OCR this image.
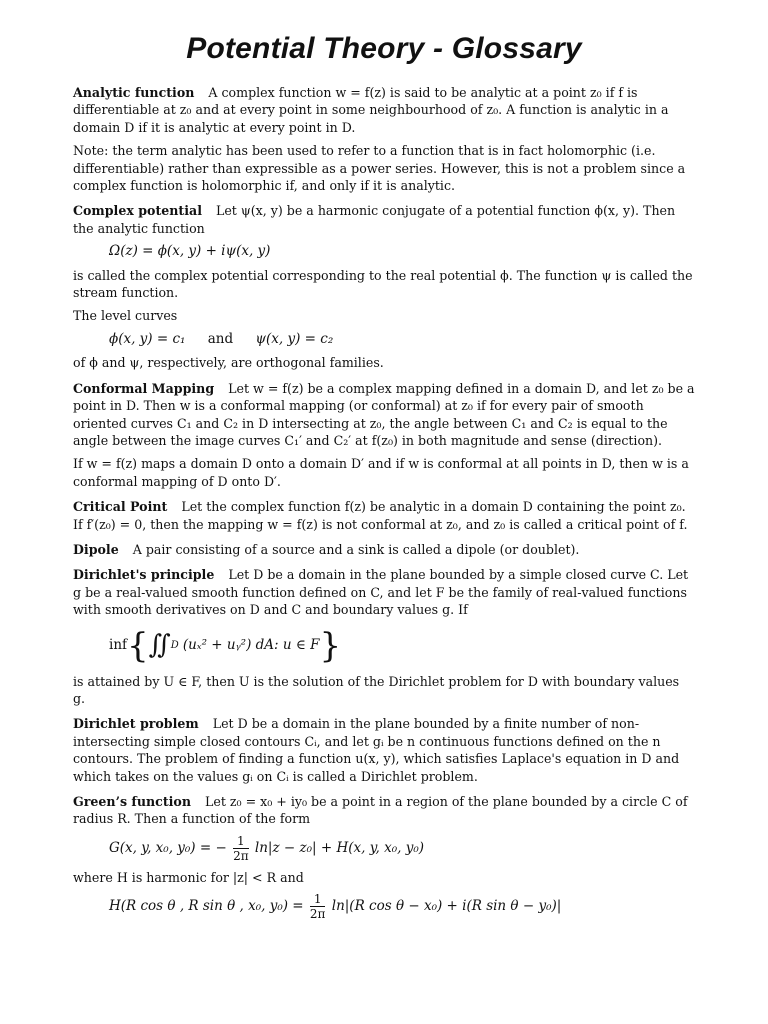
Potential Theory - Glossary

Analytic function A complex function w = f(z) is said to be analytic at a point z₀ if f is differentiable at z₀ and at every point in some neighbourhood of z₀. A function is analytic in a domain D if it is analytic at every point in D.

Note: the term analytic has been used to refer to a function that is in fact holomorphic (i.e. differentiable) rather than expressible as a power series. However, this is not a problem since a complex function is holomorphic if, and only if it is analytic.

Complex potential Let ψ(x, y) be a harmonic conjugate of a potential function ϕ(x, y). Then the analytic function

Ω(z) = ϕ(x, y) + iψ(x, y)

is called the complex potential corresponding to the real potential ϕ. The function ψ is called the stream function.

The level curves

ϕ(x, y) = c₁ and ψ(x, y) = c₂

of ϕ and ψ, respectively, are orthogonal families.

Conformal Mapping Let w = f(z) be a complex mapping defined in a domain D, and let z₀ be a point in D. Then w is a conformal mapping (or conformal) at z₀ if for every pair of smooth oriented curves C₁ and C₂ in D intersecting at z₀, the angle between C₁ and C₂ is equal to the angle between the image curves C₁′ and C₂′ at f(z₀) in both magnitude and sense (direction).

If w = f(z) maps a domain D onto a domain D′ and if w is conformal at all points in D, then w is a conformal mapping of D onto D′.

Critical Point Let the complex function f(z) be analytic in a domain D containing the point z₀. If f′(z₀) = 0, then the mapping w = f(z) is not conformal at z₀, and z₀ is called a critical point of f.

Dipole A pair consisting of a source and a sink is called a dipole (or doublet).

Dirichlet's principle Let D be a domain in the plane bounded by a simple closed curve C. Let g be a real-valued smooth function defined on C, and let F be the family of real-valued functions with smooth derivatives on D and C and boundary values g. If

inf { ∬ D (uₓ² + uᵧ²) dA: u ∈ F }

is attained by U ∈ F, then U is the solution of the Dirichlet problem for D with boundary values g.

Dirichlet problem Let D be a domain in the plane bounded by a finite number of non-intersecting simple closed contours Cᵢ, and let gᵢ be n continuous functions defined on the n contours. The problem of finding a function u(x, y), which satisfies Laplace's equation in D and which takes on the values gᵢ on Cᵢ is called a Dirichlet problem.

Green’s function Let z₀ = x₀ + iy₀ be a point in a region of the plane bounded by a circle C of radius R. Then a function of the form

G(x, y, x₀, y₀) = − $\frac{1}{2\pi} \ln|z - z_0| + H(x$, y, x₀, y₀)

where H is harmonic for |z| < R and

H(R cos θ , R sin θ , x₀, $y_0) = \frac{1}{2\pi} \ln|(R$ cos θ − x₀) + i(R sin θ − y₀)|
